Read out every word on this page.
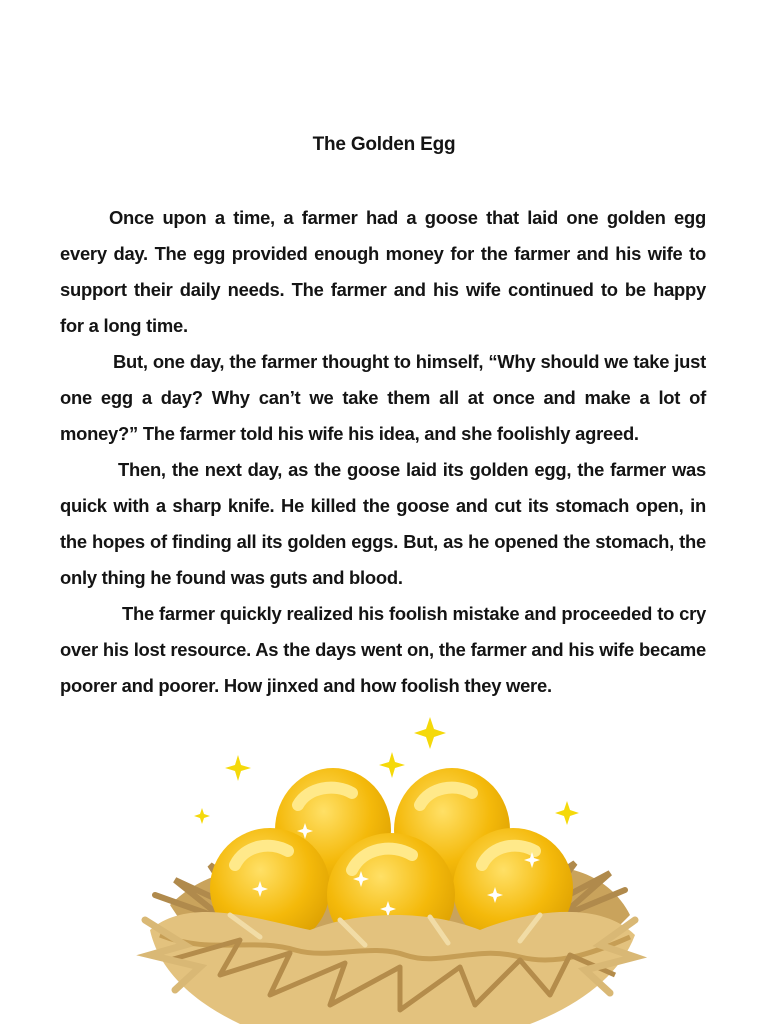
The Golden Egg

Once upon a time, a farmer had a goose that laid one golden egg every day. The egg provided enough money for the farmer and his wife to support their daily needs. The farmer and his wife continued to be happy for a long time.

But, one day, the farmer thought to himself, “Why should we take just one egg a day? Why can’t we take them all at once and make a lot of money?” The farmer told his wife his idea, and she foolishly agreed.

Then, the next day, as the goose laid its golden egg, the farmer was quick with a sharp knife. He killed the goose and cut its stomach open, in the hopes of finding all its golden eggs. But, as he opened the stomach, the only thing he found was guts and blood.

The farmer quickly realized his foolish mistake and proceeded to cry over his lost resource. As the days went on, the farmer and his wife became poorer and poorer. How jinxed and how foolish they were.
